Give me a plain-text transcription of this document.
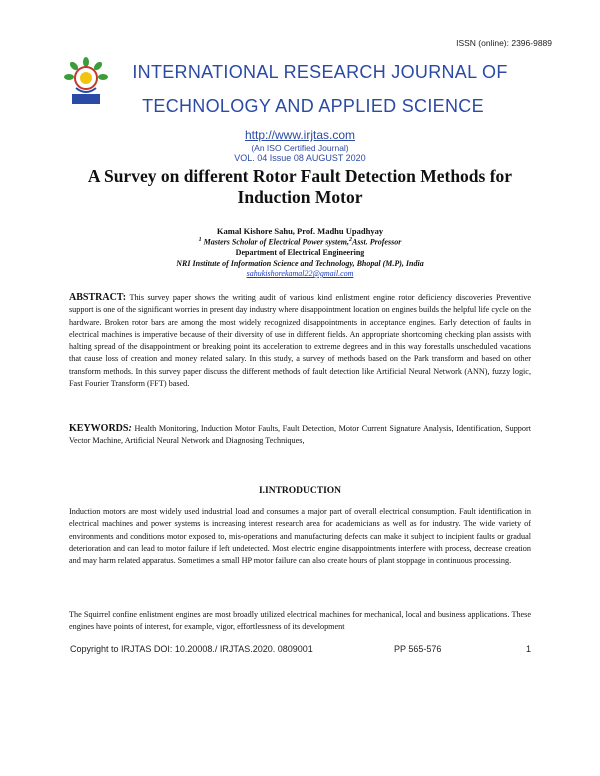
ISSN (online): 2396-9889
INTERNATIONAL RESEARCH JOURNAL OF
TECHNOLOGY AND APPLIED SCIENCE
http://www.irjtas.com
(An ISO Certified Journal)
VOL. 04 Issue 08 AUGUST 2020
A Survey on different Rotor Fault Detection Methods for Induction Motor
Kamal Kishore Sahu, Prof. Madhu Upadhyay
$^1$ Masters Scholar of Electrical Power system,$^2$Asst. Professor
Department of Electrical Engineering
NRI Institute of Information Science and Technology, Bhopal (M.P), India
sahukishorekamal22@gmail.com
ABSTRACT: This survey paper shows the writing audit of various kind enlistment engine rotor deficiency discoveries Preventive support is one of the significant worries in present day industry where disappointment location on engines builds the helpful life cycle on the hardware. Broken rotor bars are among the most widely recognized disappointments in acceptance engines. Early detection of faults in electrical machines is imperative because of their diversity of use in different fields. An appropriate shortcoming checking plan assists with halting spread of the disappointment or breaking point its acceleration to extreme degrees and in this way forestalls unscheduled vacations that cause loss of creation and money related salary. In this study, a survey of methods based on the Park transform and based on other transform methods. In this survey paper discuss the different methods of fault detection like Artificial Neural Network (ANN), fuzzy logic, Fast Fourier Transform (FFT) based.
KEYWORDS: Health Monitoring, Induction Motor Faults, Fault Detection, Motor Current Signature Analysis, Identification, Support Vector Machine, Artificial Neural Network and Diagnosing Techniques,
I.INTRODUCTION
Induction motors are most widely used industrial load and consumes a major part of overall electrical consumption. Fault identification in electrical machines and power systems is increasing interest research area for academicians as well as for industry. The wide variety of environments and conditions motor exposed to, mis-operations and manufacturing defects can make it subject to incipient faults or gradual deterioration and can lead to motor failure if left undetected. Most electric engine disappointments interfere with process, decrease creation and may harm related apparatus. Sometimes a small HP motor failure can also create hours of plant stoppage in continuous processing.
The Squirrel confine enlistment engines are most broadly utilized electrical machines for mechanical, local and business applications. These engines have points of interest, for example, vigor, effortlessness of its development
Copyright to IRJTAS DOI: 10.20008./ IRJTAS.2020. 0809001	PP 565-576	1
